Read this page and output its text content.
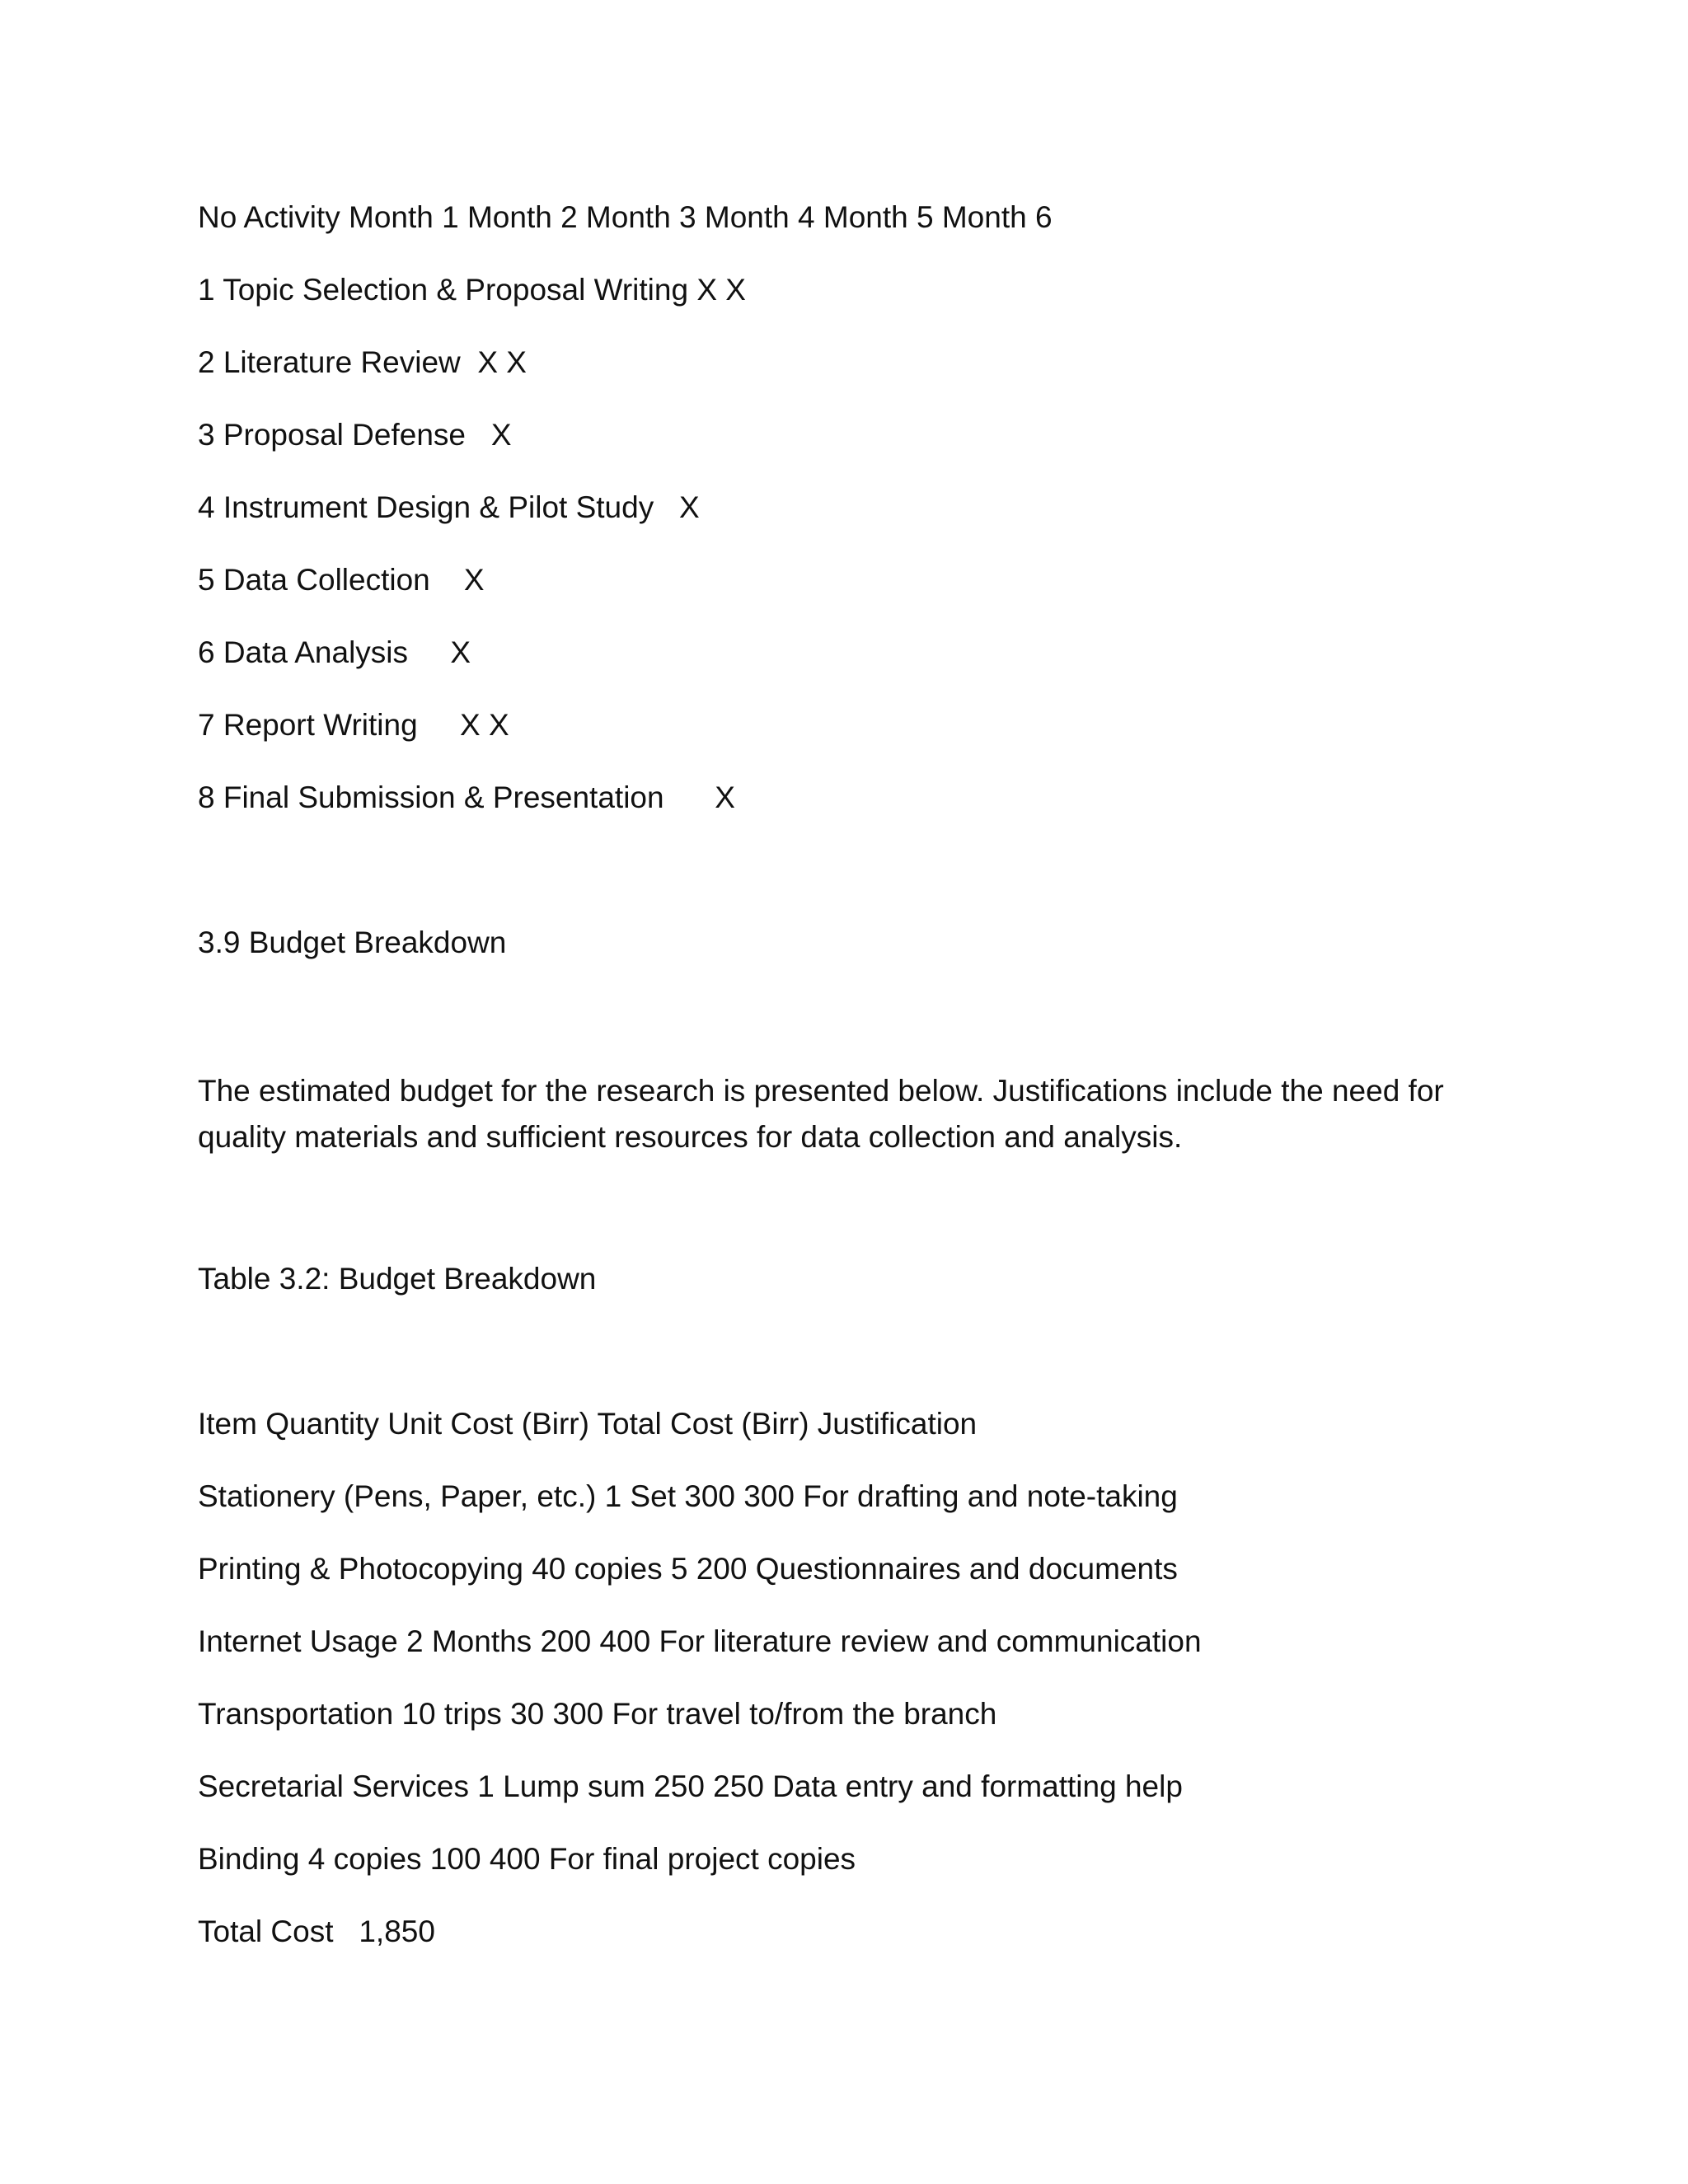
No Activity Month 1 Month 2 Month 3 Month 4 Month 5 Month 6

1 Topic Selection & Proposal Writing X X

2 Literature Review  X X

3 Proposal Defense   X

4 Instrument Design & Pilot Study   X

5 Data Collection    X

6 Data Analysis     X

7 Report Writing     X X

8 Final Submission & Presentation      X

3.9 Budget Breakdown

The estimated budget for the research is presented below. Justifications include the need for quality materials and sufficient resources for data collection and analysis.

Table 3.2: Budget Breakdown

Item Quantity Unit Cost (Birr) Total Cost (Birr) Justification

Stationery (Pens, Paper, etc.) 1 Set 300 300 For drafting and note-taking

Printing & Photocopying 40 copies 5 200 Questionnaires and documents

Internet Usage 2 Months 200 400 For literature review and communication

Transportation 10 trips 30 300 For travel to/from the branch

Secretarial Services 1 Lump sum 250 250 Data entry and formatting help

Binding 4 copies 100 400 For final project copies

Total Cost   1,850
